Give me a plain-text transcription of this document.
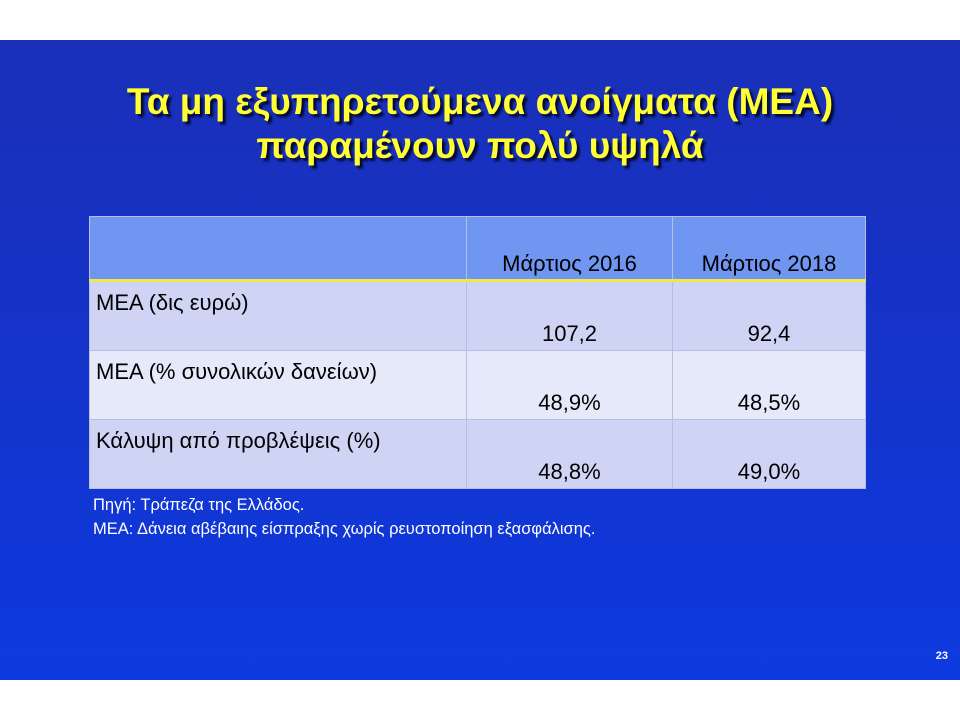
Τα μη εξυπηρετούμενα ανοίγματα (ΜΕΑ)
παραμένουν πολύ υψηλά
	Μάρτιος 2016	Μάρτιος 2018
ΜΕΑ (δις ευρώ)	107,2	92,4
ΜΕΑ (% συνολικών δανείων)	48,9%	48,5%
Κάλυψη από προβλέψεις (%)	48,8%	49,0%
Πηγή: Τράπεζα της Ελλάδος.
ΜΕΑ: Δάνεια αβέβαιης είσπραξης χωρίς ρευστοποίηση εξασφάλισης.
23
